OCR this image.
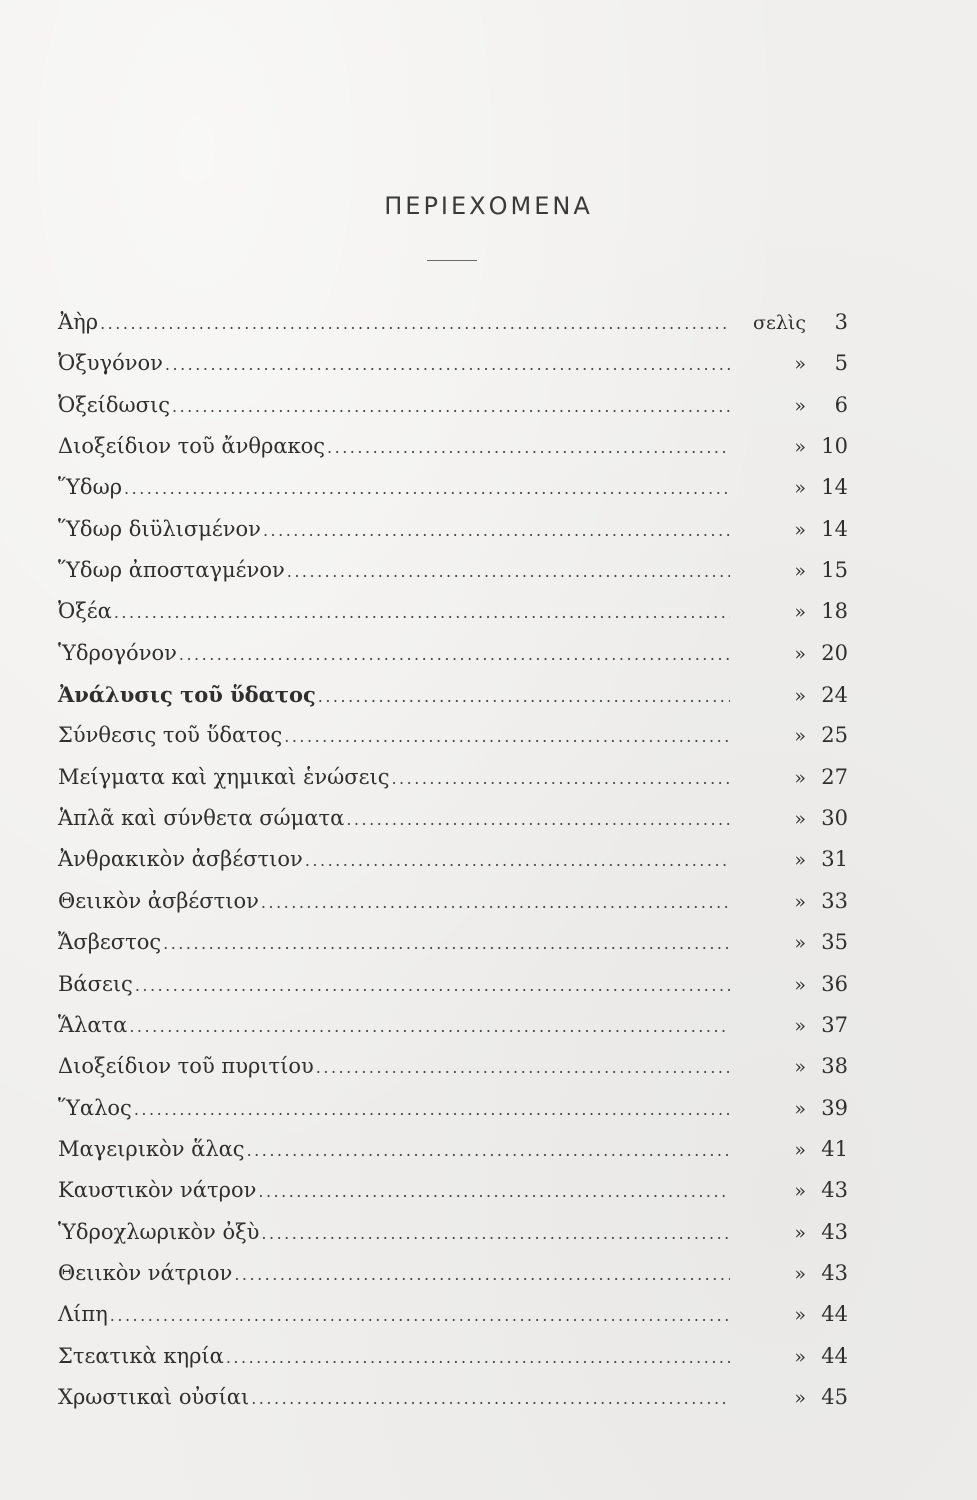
ΠΕΡΙΕΧΟΜΕΝΑ
Ἀὴρ .....	σελὶς	3
Ὀξυγόνον .....	»	5
Ὀξείδωσις .....	»	6
Διοξείδιον τοῦ ἄνθρακος .....	» 10
Ὕδωρ .....	» 14
Ὕδωρ διϋλισμένον .....	» 14
Ὕδωρ ἀποσταγμένον .....	» 15
Ὀξέα .....	» 18
Ὑδρογόνον .....	» 20
Ἀνάλυσις τοῦ ὕδατος .....	» 24
Σύνθεσις τοῦ ὕδατος .....	» 25
Μείγματα καὶ χημικαὶ ἑνώσεις .....	» 27
Ἁπλᾶ καὶ σύνθετα σώματα .....	» 30
Ἀνθρακικὸν ἀσβέστιον .....	» 31
Θειικὸν ἀσβέστιον .....	» 33
Ἄσβεστος .....	» 35
Βάσεις .....	» 36
Ἅλατα .....	» 37
Διοξείδιον τοῦ πυριτίου .....	» 38
Ὕαλος .....	» 39
Μαγειρικὸν ἅλας .....	» 41
Καυστικὸν νάτρον .....	» 43
Ὑδροχλωρικὸν ὀξὺ .....	» 43
Θειικὸν νάτριον .....	» 43
Λίπη .....	» 44
Στεατικὰ κηρία .....	» 44
Χρωστικαὶ οὐσίαι .....	» 45
